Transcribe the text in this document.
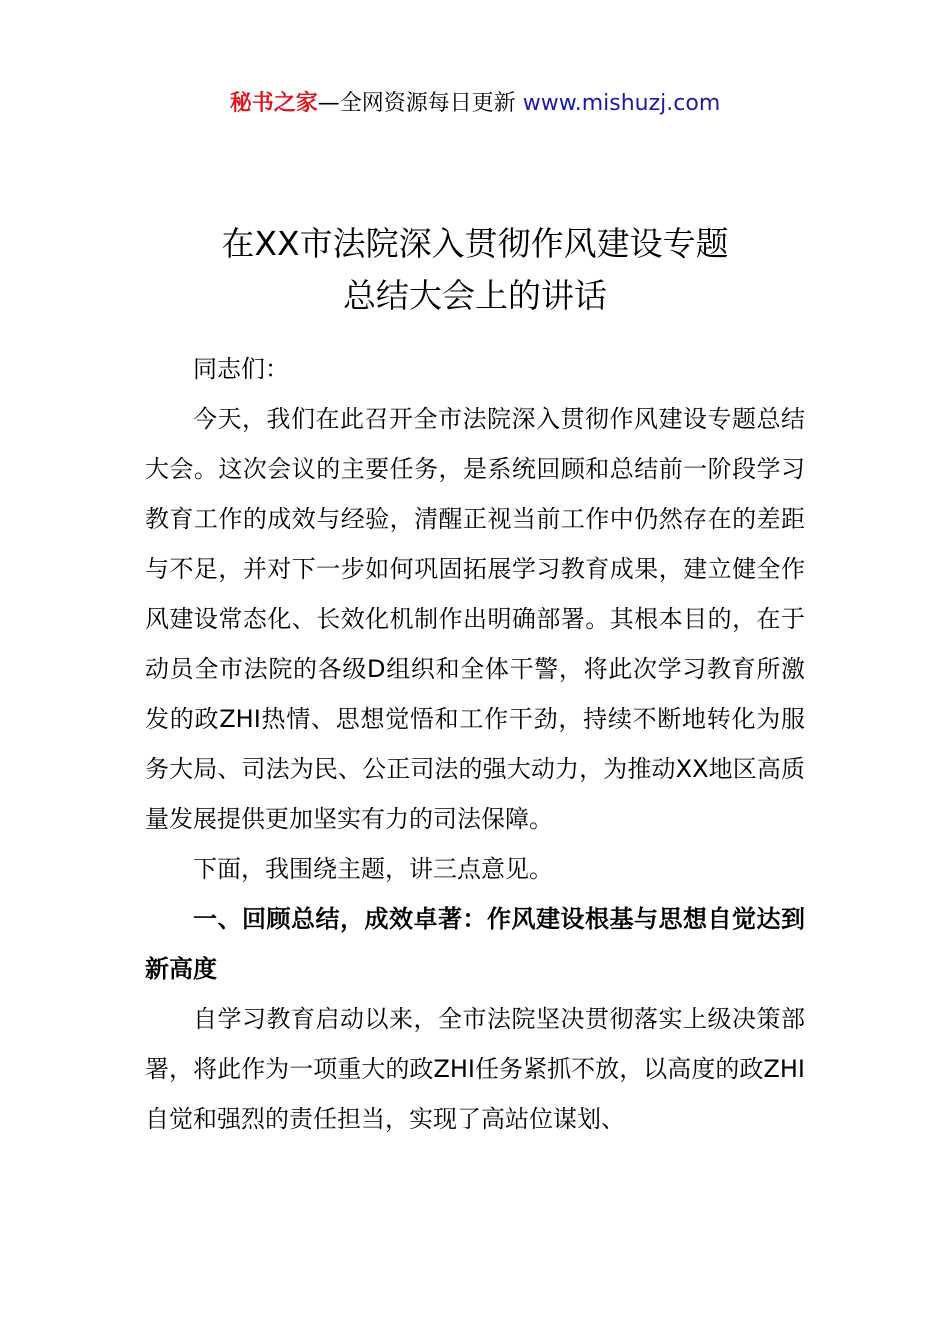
秘书之家—全网资源每日更新 www.mishuzj.com
在XX市法院深入贯彻作风建设专题
总结大会上的讲话

同志们：

今天，我们在此召开全市法院深入贯彻作风建设专题总结大会。这次会议的主要任务，是系统回顾和总结前一阶段学习教育工作的成效与经验，清醒正视当前工作中仍然存在的差距与不足，并对下一步如何巩固拓展学习教育成果，建立健全作风建设常态化、长效化机制作出明确部署。其根本目的，在于动员全市法院的各级D组织和全体干警，将此次学习教育所激发的政ZHI热情、思想觉悟和工作干劲，持续不断地转化为服务大局、司法为民、公正司法的强大动力，为推动XX地区高质量发展提供更加坚实有力的司法保障。

下面，我围绕主题，讲三点意见。

一、回顾总结，成效卓著：作风建设根基与思想自觉达到新高度

自学习教育启动以来，全市法院坚决贯彻落实上级决策部署，将此作为一项重大的政ZHI任务紧抓不放，以高度的政ZHI自觉和强烈的责任担当，实现了高站位谋划、
